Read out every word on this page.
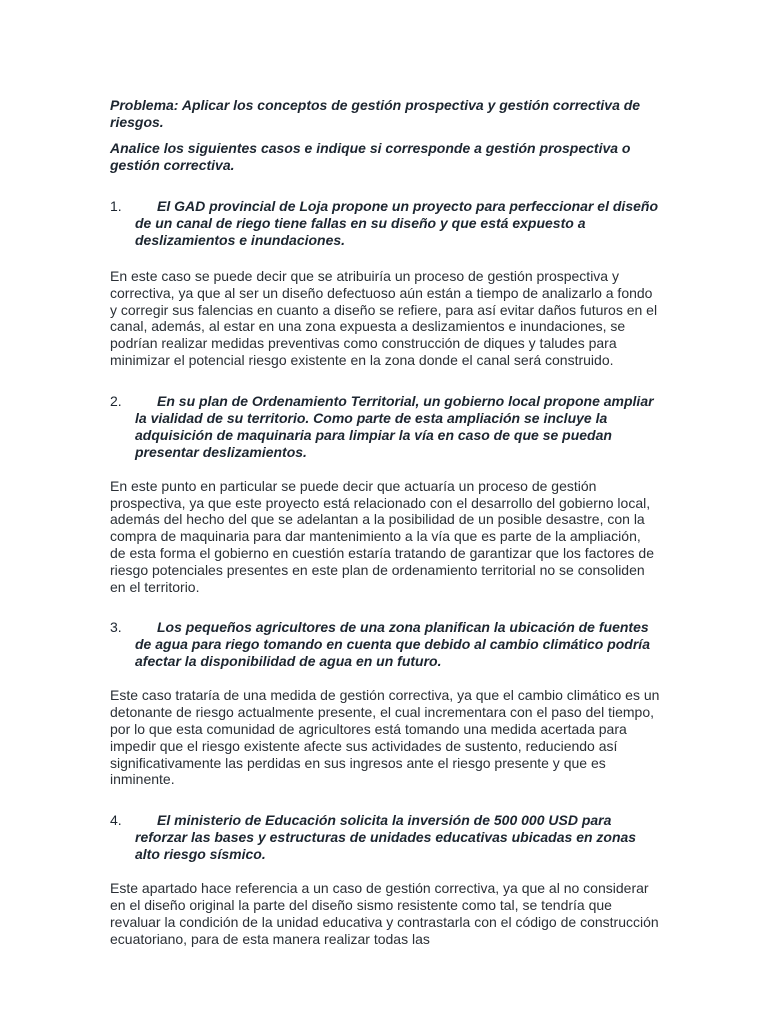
Problema: Aplicar los conceptos de gestión prospectiva y gestión correctiva de riesgos.

Analice los siguientes casos e indique si corresponde a gestión prospectiva o gestión correctiva.

1.	El GAD provincial de Loja propone un proyecto para perfeccionar el diseño de un canal de riego tiene fallas en su diseño y que está expuesto a deslizamientos e inundaciones.

En este caso se puede decir que se atribuiría un proceso de gestión prospectiva y correctiva, ya que al ser un diseño defectuoso aún están a tiempo de analizarlo a fondo y corregir sus falencias en cuanto a diseño se refiere, para así evitar daños futuros en el canal, además, al estar en una zona expuesta a deslizamientos e inundaciones, se podrían realizar medidas preventivas como construcción de diques y taludes para minimizar el potencial riesgo existente en la zona donde el canal será construido.
2.	En su plan de Ordenamiento Territorial, un gobierno local propone ampliar la vialidad de su territorio. Como parte de esta ampliación se incluye la adquisición de maquinaria para limpiar la vía en caso de que se puedan presentar deslizamientos.

En este punto en particular se puede decir que actuaría un proceso de gestión prospectiva, ya que este proyecto está relacionado con el desarrollo del gobierno local, además del hecho del que se adelantan a la posibilidad de un posible desastre, con la compra de maquinaria para dar mantenimiento a la vía que es parte de la ampliación, de esta forma el gobierno en cuestión estaría tratando de garantizar que los factores de riesgo potenciales presentes en este plan de ordenamiento territorial no se consoliden en el territorio.
3.	Los pequeños agricultores de una zona planifican la ubicación de fuentes de agua para riego tomando en cuenta que debido al cambio climático podría afectar la disponibilidad de agua en un futuro.

Este caso trataría de una medida de gestión correctiva, ya que el cambio climático es un detonante de riesgo actualmente presente, el cual incrementara con el paso del tiempo, por lo que esta comunidad de agricultores está tomando una medida acertada para impedir que el riesgo existente afecte sus actividades de sustento, reduciendo así significativamente las perdidas en sus ingresos ante el riesgo presente y que es inminente.
4.	El ministerio de Educación solicita la inversión de 500 000 USD para reforzar las bases y estructuras de unidades educativas ubicadas en zonas alto riesgo sísmico.

Este apartado hace referencia a un caso de gestión correctiva, ya que al no considerar en el diseño original la parte del diseño sismo resistente como tal, se tendría que revaluar la condición de la unidad educativa y contrastarla con el código de construcción ecuatoriano, para de esta manera realizar todas las
